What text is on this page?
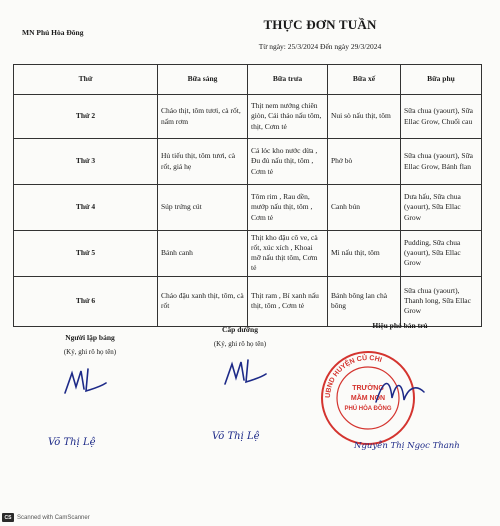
MN Phú Hòa Đông
THỰC ĐƠN TUẦN
Từ ngày: 25/3/2024 Đến ngày 29/3/2024
Thứ	Bữa sáng	Bữa trưa	Bữa xế	Bữa phụ
Thứ 2	Cháo thịt, tôm tươi, cà rốt, nấm rơm	Thịt nem nướng chiên giòn, Cải thảo nấu tôm, thịt, Cơm tẻ	Nui sò nấu thịt, tôm	Sữa chua (yaourt), Sữa Ellac Grow, Chuối cau
Thứ 3	Hủ tiếu thịt, tôm tươi, cà rốt, giá hẹ	Cá lóc kho nước dừa , Đu đủ nấu thịt, tôm , Cơm tẻ	Phở bò	Sữa chua (yaourt), Sữa Ellac Grow, Bánh flan
Thứ 4	Súp trứng cút	Tôm rim , Rau dền, mướp nấu thịt, tôm , Cơm tẻ	Canh bún	Dưa hấu, Sữa chua (yaourt), Sữa Ellac Grow
Thứ 5	Bánh canh	Thịt kho đậu cô ve, cà rốt, xúc xích , Khoai mỡ nấu thịt tôm, Cơm tẻ	Mì nấu thịt, tôm	Pudding, Sữa chua (yaourt), Sữa Ellac Grow
Thứ 6	Cháo đậu xanh thịt, tôm, cà rốt	Thịt ram , Bí xanh nấu thịt, tôm , Cơm tẻ	Bánh bông lan chà bông	Sữa chua (yaourt), Thanh long, Sữa Ellac Grow
Người lập bảng
(Ký, ghi rõ họ tên)
Võ Thị Lệ
Cấp dưỡng
(Ký, ghi rõ họ tên)
Võ Thị Lệ
Hiệu phó bán trú
UBND HUYỆN CỦ CHI
TRƯỜNG
MẦM NON
PHÚ HÒA ĐÔNG
Nguyễn Thị Ngọc Thanh
CS Scanned with CamScanner
